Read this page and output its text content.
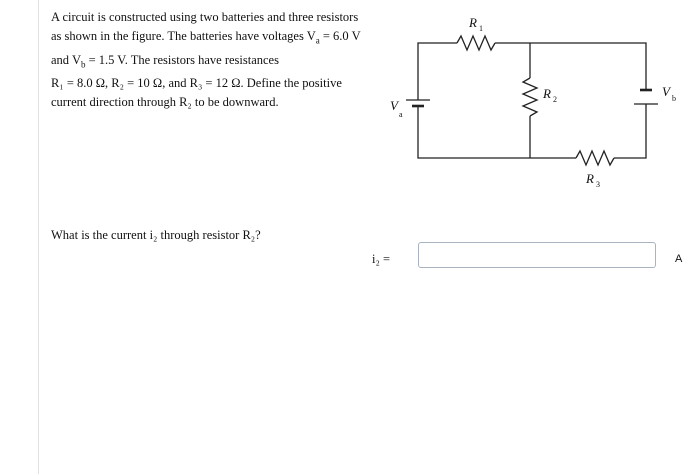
A circuit is constructed using two batteries and three resistors

as shown in the figure. The batteries have voltages $V_a = 6.0$ V

and $V_b = 1.5$ V. The resistors have resistances

R₁ = 8.0 Ω, R₂ = 10 Ω, and R₃ = 12 Ω. Define the positive

current direction through R₂ to be downward.

R 1
R 2
R 3
V
a
V b
What is the current i₂ through resistor R₂?
i₂ =	A
